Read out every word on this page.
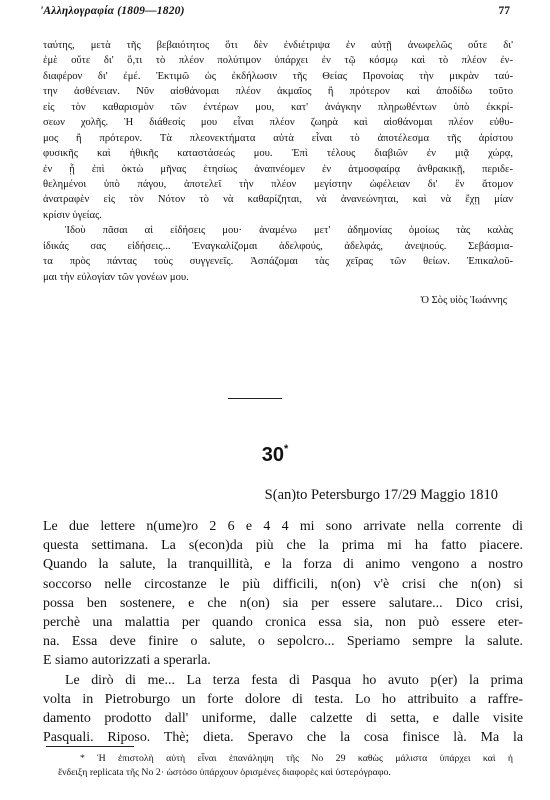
'Αλληλογραφία (1809—1820)	77
ταύτης, μετὰ τῆς βεβαιότητος ὅτι δὲν ἐνδιέτριψα ἐν αὐτῇ ἀνωφελῶς οὔτε δι'
ἐμὲ οὔτε δι' ὅ,τι τὸ πλέον πολύτιμον ὑπάρχει ἐν τῷ κόσμῳ καὶ τὸ πλέον ἐν-
διαφέρον δι' ἐμέ. Ἐκτιμῶ ὡς ἐκδήλωσιν τῆς Θείας Προνοίας τὴν μικρὰν ταύ-
την ἀσθένειαν. Νῦν αἰσθάνομαι πλέον ἀκμαῖος ἢ πρότερον καὶ ἀποδίδω τοῦτο
εἰς τὸν καθαρισμὸν τῶν ἐντέρων μου, κατ' ἀνάγκην πληρωθέντων ὑπὸ ἐκκρί-
σεων χολῆς. Ἡ διάθεσίς μου εἶναι πλέον ζωηρὰ καὶ αἰσθάνομαι πλέον εὐθυ-
μος ἢ πρότερον. Τὰ πλεονεκτήματα αὐτὰ εἶναι τὸ ἀποτέλεσμα τῆς ἀρίστου
φυσικῆς καὶ ἠθικῆς καταστάσεώς μου. Ἐπὶ τέλους διαβιῶν ἐν μιᾷ χώρᾳ,
ἐν ᾗ ἐπὶ ὀκτὼ μῆνας ἐτησίως ἀναπνέομεν ἐν ἀτμοσφαίρᾳ ἀνθρακικῇ, περιδε-
θελημένοι ὑπὸ πάγου, ἀποτελεῖ τὴν πλέον μεγίστην ὠφέλειαν δι' ἓν ἄτομον
ἀνατραφὲν εἰς τὸν Νότον τὸ νὰ καθαρίζηται, νὰ ἀνανεώνηται, καὶ νὰ ἔχῃ μίαν
κρίσιν ὑγείας.
Ἰδοὺ πᾶσαι αἱ εἰδήσεις μου· ἀναμένω μετ' ἀδημονίας ὁμοίως τὰς καλὰς
ἰδικάς σας εἰδήσεις... Ἐναγκαλίζομαι ἀδελφούς, ἀδελφάς, ἀνεψιούς. Σεβάσμια-
τα πρὸς πάντας τοὺς συγγενεῖς. Ἀσπάζομαι τὰς χεῖρας τῶν θείων. Ἐπικαλοῦ-
μαι τὴν εὐλογίαν τῶν γονέων μου.
Ὁ Σὸς υἱὸς Ἰωάννης
30*
S(an)to Petersburgo 17/29 Maggio 1810
Le due lettere n(ume)ro 2 6 e 4 4 mi sono arrivate nella corrente di
questa settimana. La s(econ)da più che la prima mi ha fatto piacere.
Quando la salute, la tranquillità, e la forza di animo vengono a nostro
soccorso nelle circostanze le più difficili, n(on) v'è crisi che n(on) si
possa ben sostenere, e che n(on) sia per essere salutare... Dico crisi,
perchè una malattia per quando cronica essa sia, non può essere eter-
na. Essa deve finire o salute, o sepolcro... Speriamo sempre la salute.
E siamo autorizzati a sperarla.
Le dirò di me... La terza festa di Pasqua ho avuto p(er) la prima
volta in Pietroburgo un forte dolore di testa. Lo ho attribuito a raffre-
damento prodotto dall' uniforme, dalle calzette di setta, e dalle visite
Pasquali. Riposo. Thè; dieta. Speravo che la cosa finisce là. Ma la
* Ἡ ἐπιστολὴ αὐτὴ εἶναι ἐπανάληψη τῆς No 29 καθὼς μάλιστα ὑπάρχει καὶ ἡ
ἔνδειξη replicata τῆς No 2· ὡστόσο ὑπάρχουν ὁρισμένες διαφορὲς καὶ ὑστερόγραφο.
